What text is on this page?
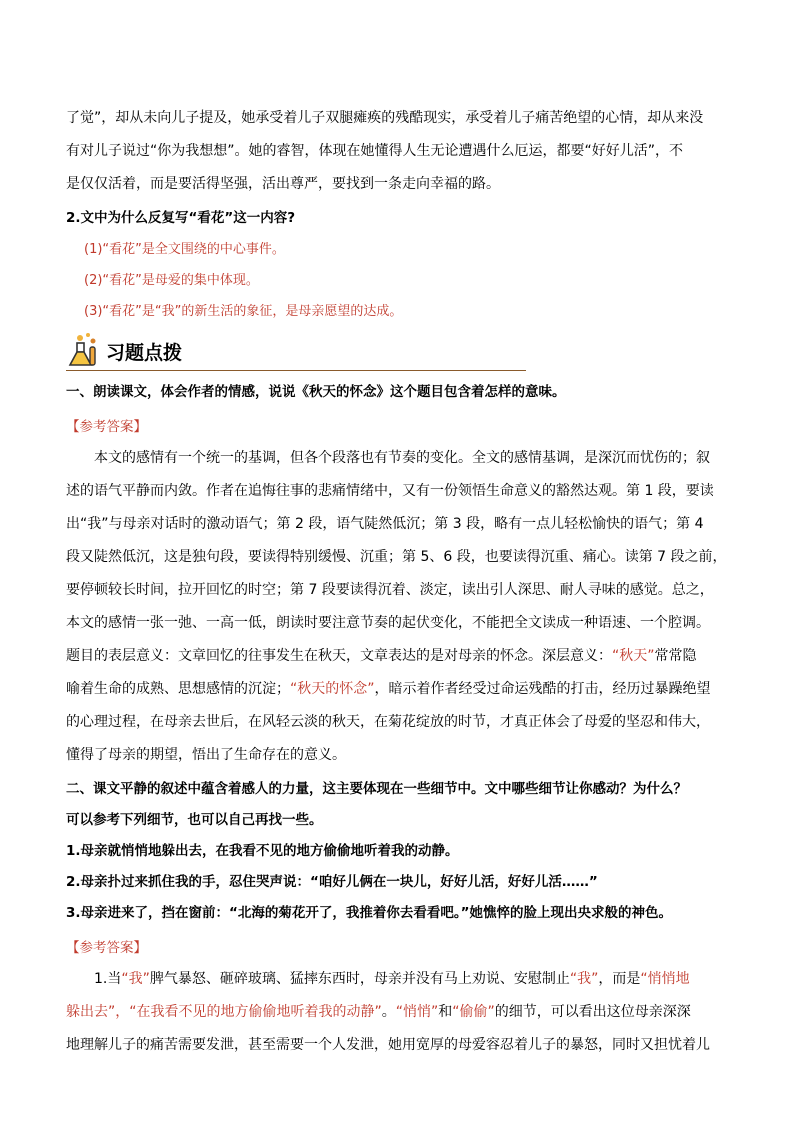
了觉”，却从未向儿子提及，她承受着儿子双腿瘫痪的残酷现实，承受着儿子痛苦绝望的心情，却从来没

有对儿子说过“你为我想想”。她的睿智，体现在她懂得人生无论遭遇什么厄运，都要“好好儿活”，不

是仅仅活着，而是要活得坚强，活出尊严，要找到一条走向幸福的路。

2.文中为什么反复写“看花”这一内容?

(1)“看花”是全文围绕的中心事件。

(2)“看花”是母爱的集中体现。

(3)“看花”是“我”的新生活的象征，是母亲愿望的达成。

习题点拨

一、朗读课文，体会作者的情感，说说《秋天的怀念》这个题目包含着怎样的意味。

【参考答案】

本文的感情有一个统一的基调，但各个段落也有节奏的变化。全文的感情基调，是深沉而忧伤的；叙

述的语气平静而内敛。作者在追悔往事的悲痛情绪中，又有一份领悟生命意义的豁然达观。第 1 段，要读

出“我”与母亲对话时的激动语气；第 2 段，语气陡然低沉；第 3 段，略有一点儿轻松愉快的语气；第 4

段又陡然低沉，这是独句段，要读得特别缓慢、沉重；第 5、6 段，也要读得沉重、痛心。读第 7 段之前，

要停顿较长时间，拉开回忆的时空；第 7 段要读得沉着、淡定，读出引人深思、耐人寻味的感觉。总之，

本文的感情一张一弛、一高一低，朗读时要注意节奏的起伏变化，不能把全文读成一种语速、一个腔调。

题目的表层意义：文章回忆的往事发生在秋天，文章表达的是对母亲的怀念。深层意义：“秋天”常常隐

喻着生命的成熟、思想感情的沉淀；“秋天的怀念”，暗示着作者经受过命运残酷的打击，经历过暴躁绝望

的心理过程，在母亲去世后，在风轻云淡的秋天，在菊花绽放的时节，才真正体会了母爱的坚忍和伟大，

懂得了母亲的期望，悟出了生命存在的意义。

二、课文平静的叙述中蕴含着感人的力量，这主要体现在一些细节中。文中哪些细节让你感动？为什么？

可以参考下列细节，也可以自己再找一些。

1.母亲就悄悄地躲出去，在我看不见的地方偷偷地听着我的动静。

2.母亲扑过来抓住我的手，忍住哭声说：“咱好儿俩在一块儿，好好儿活，好好儿活……”

3.母亲进来了，挡在窗前：“北海的菊花开了，我推着你去看看吧。”她憔悴的脸上现出央求般的神色。

【参考答案】

1.当“我”脾气暴怒、砸碎玻璃、猛摔东西时，母亲并没有马上劝说、安慰制止“我”，而是“悄悄地

躲出去”，“在我看不见的地方偷偷地听着我的动静”。“悄悄”和“偷偷”的细节，可以看出这位母亲深深

地理解儿子的痛苦需要发泄，甚至需要一个人发泄，她用宽厚的母爱容忍着儿子的暴怒，同时又担忧着儿
